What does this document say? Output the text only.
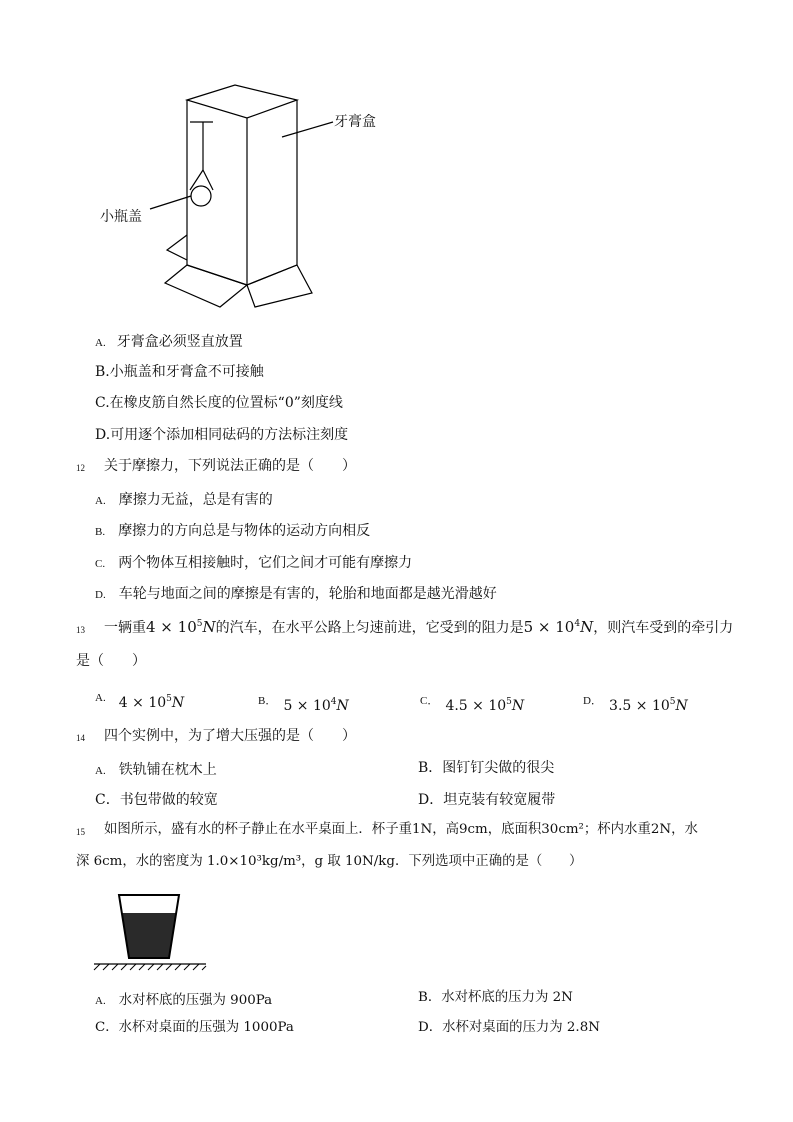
牙膏盒
小瓶盖
A. 牙膏盒必须竖直放置
B.小瓶盖和牙膏盒不可接触
C.在橡皮筋自然长度的位置标“0”刻度线
D.可用逐个添加相同砝码的方法标注刻度
12 关于摩擦力，下列说法正确的是（　　）
A. 摩擦力无益，总是有害的
B. 摩擦力的方向总是与物体的运动方向相反
C. 两个物体互相接触时，它们之间才可能有摩擦力
D. 车轮与地面之间的摩擦是有害的，轮胎和地面都是越光滑越好
13 一辆重$4 \times 10^5N$的汽车，在水平公路上匀速前进，它受到的阻力是$5 \times 10^4N$，则汽车受到的牵引力
是（　　）
$^{A.}$ $4 \times 10^5N$	$^{B.}$ $5 \times 10^4N$	$^{C.}$ $4.5 \times 10^5N$	$^{D.}$ $3.5 \times 10^5N$
14 四个实例中，为了增大压强的是（　　）
A. 铁轨铺在枕木上	B．图钉钉尖做的很尖
C．书包带做的较宽	D．坦克装有较宽履带
15 如图所示，盛有水的杯子静止在水平桌面上．杯子重1N，高9cm，底面积30cm²；杯内水重2N，水
深 6cm，水的密度为 1.0×10³kg/m³，g 取 10N/kg．下列选项中正确的是（　　）
A. 水对杯底的压强为 900Pa	B．水对杯底的压力为 2N
C．水杯对桌面的压强为 1000Pa	D．水杯对桌面的压力为 2.8N
